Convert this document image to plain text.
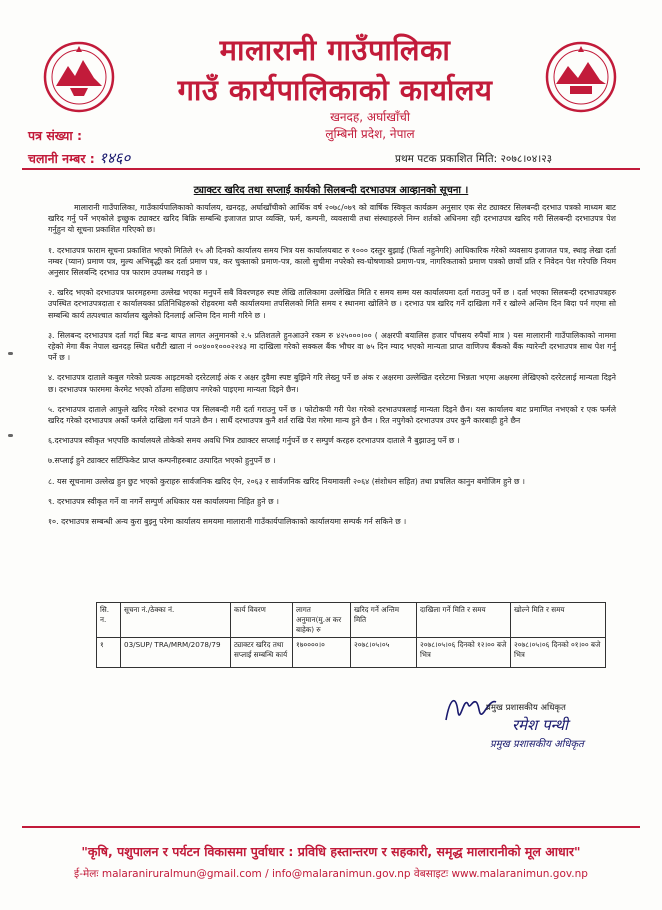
मालारानी गाउँपालिका
गाउँ कार्यपालिकाको कार्यालय
खनदह, अर्घाखाँची
लुम्बिनी प्रदेश, नेपाल
पत्र संख्या :
चलानी नम्बर : १४६०	प्रथम पटक प्रकाशित मिति: २०७८।०४।२३
ट्याक्टर खरिद तथा सप्लाई कार्यको सिलबन्दी दरभाउपत्र आव्हानको सूचना ।

मालारानी गाउँपालिका, गाउँकार्यपालिकाको कार्यालय, खनदह, अर्घाखाँचीको आर्थिक वर्ष २०७८/०७९ को वार्षिक स्विकृत कार्यक्रम अनुसार एक सेट ट्याक्टर सिलबन्दी दरभाउ पत्रको माध्यम बाट खरिद गर्नु पर्ने भएकोले इच्छुक ट्याक्टर खरिद बिक्रि सम्बन्धि इजाजत प्राप्त व्यक्ति, फर्म, कम्पनी, व्यवसायी तथा संस्थाहरुले निम्न शर्तको अधिनमा रही दरभाउपत्र खरिद गरी सिलबन्दी दरभाउपत्र पेश गर्नुहुन यो सूचना प्रकाशित गरिएको छ।

१. दरभाउपत्र फाराम सूचना प्रकाशित भएको मितिले १५ औ दिनको कार्यालय समय भित्र यस कार्यालयबाट रु १००० दस्तुर बुझाई (फिर्ता नहुनेगरि) आधिकारिक गरेको व्यवसाय इजाजत पत्र, स्थाइ लेखा दर्ता नम्बर (प्यान) प्रमाण पत्र, मुल्य अभिबृद्धी कर दर्ता प्रमाण पत्र, कर चुक्ताको प्रमाण-पत्र, कालो सुचीमा नपरेको स्व-घोषणाको प्रमाण-पत्र, नागरिकताको प्रमाण पत्रको छायाँ प्रति र निवेदन पेश गरेपछि नियम अनुसार सिलबन्दि दरभाउ पत्र फाराम उपलब्ध गराइने छ ।

२. खरिद भएको दरभाउपत्र फारमहरुमा उल्लेख भएका मनुपर्ने सबै विवरणहरु स्पष्ट लेखि तालिकामा उल्लेखित मिति र समय सम्म यस कार्यालयमा दर्ता गराउनु पर्ने छ । दर्ता भएका सिलबन्दी दरभाउपत्रहरु उपस्थित दरभाउपत्रदाता र कार्यालयका प्रतिनिधिहरुको रोहवरमा यसै कार्यालयमा तपसिलको मिति समय र स्थानमा खोलिने छ । दरभाउ पत्र खरिद गर्ने दाखिला गर्ने र खोल्ने अन्तिम दिन बिदा पर्न गएमा सो सम्बन्धि कार्य तत्पश्चात कार्यालय खुलेको दिनलाई अन्तिम दिन मानी गरिने छ ।

३. सिलबन्द दरभाउपत्र दर्ता गर्दा बिड बन्ड बापत लागत अनुमानको २.५ प्रतिशतले हुनआउने रकम रु ४२५०००।०० ( अक्षरपी बयालिस हजार पाँचसय रुपैयाँ मात्र ) यस मालारानी गाउँपालिकाको नाममा रहेको मेगा बैंक नेपाल खनदह स्थित धरौटी खाता नं ००४००१०००२२४३ मा दाखिला गरेको सक्कल बैंक भौचर वा ७५ दिन म्याद भएको मान्यता प्राप्त वाणिज्य बैंकको बैंक ग्यारेन्टी दरभाउपत्र साथ पेश गर्नु पर्ने छ ।

४. दरभाउपत्र दाताले कबुल गरेको प्रत्यक आइटमको दररेटलाई अंक र अक्षर दुवैमा स्पष्ट बुझिने गरि लेख्नु पर्ने छ अंक र अक्षरमा उल्लेखित दररेटमा भिन्नता भएमा अक्षरमा लेखिएको दररेटलाई मान्यता दिइने छ। दरभाउपत्र फारममा केरमेट भएको ठाँउमा सहिछाप नगरेको पाइएमा मान्यता दिइने छैन।

५. दरभाउपत्र दाताले आफुले खरिद गरेको दरभाउ पत्र सिलबन्दी गरी दर्ता गराउनु पर्ने छ । फोटोकपी गरी पेश गरेको दरभाउपत्रलाई मान्यता दिइने छैन। यस कार्यालय बाट प्रमाणित नभएको र एक फर्मले खरिद गरेको दरभाउपत्र अर्को फर्मले दाखिला गर्न पाउने छैन । सार्थै दरभाउपत्र कुनै शर्त राखि पेश गरेमा मान्य हुने छैन । रित नपुगेको दरभाउपत्र उपर कुनै कारबाही हुने छैन

६.दरभाउपत्र स्वीकृत भएपछि कार्यालयले तोकेको समय अवधि भित्र ट्याक्टर सप्लाई गर्नुपर्ने छ र सम्पुर्ण करहरु दरभाउपत्र दाताले नै बुझाउनु पर्ने छ ।

७.सप्लाई हुने ट्याक्टर सर्टिफिकेट प्राप्त कम्पनीहरुबाट उत्पादित भएको हुनुपर्ने छ ।

८. यस सूचनामा उल्लेख हुन छुट भएको कुराहरु सार्वजनिक खरिद ऐन, २०६३ र सार्वजनिक खरिद नियमावली २०६४ (संशोधन सहित) तथा प्रचलित कानुन बमोजिम हुने छ ।

९. दरभाउपत्र स्वीकृत गर्ने वा नगर्ने सम्पुर्ण अधिकार यस कार्यालयमा निहित हुने छ ।

१०. दरभाउपत्र सम्बन्धी अन्य कुरा बुझ्नु परेमा कार्यालय समयमा मालारानी गाउँकार्यपालिकाको कार्यालयमा सम्पर्क गर्न सकिने छ ।

सि. न.	सूचना नं./ठेक्का नं.	कार्य विवरण	लागत अनुमान(मु.अ कर बाहेक) रु	खरिद गर्ने अन्तिम मिति	दाखिला गर्ने मिति र समय	खोल्ने मिति र समय
१	03/SUP/ TRA/MRM/2078/79	ट्याक्टर खरिद तथा सप्लाई सम्बन्धि कार्य	१७००००।०	२०७८।०५।०५	२०७८।०५।०६ दिनको १२।०० बजे भित्र	२०७८।०५।०६ दिनको ०१।०० बजे भित्र
प्रमुख प्रशासकीय अधिकृत
रमेश पन्थी
प्रमुख प्रशासकीय अधिकृत
"कृषि, पशुपालन र पर्यटन विकासमा पुर्वाधार : प्रविधि हस्तान्तरण र सहकारी, समृद्ध मालारानीको मूल आधार"
ई-मेलः malaraniruralmun@gmail.com / info@malaranimun.gov.np वेबसाइटः www.malaranimun.gov.np
